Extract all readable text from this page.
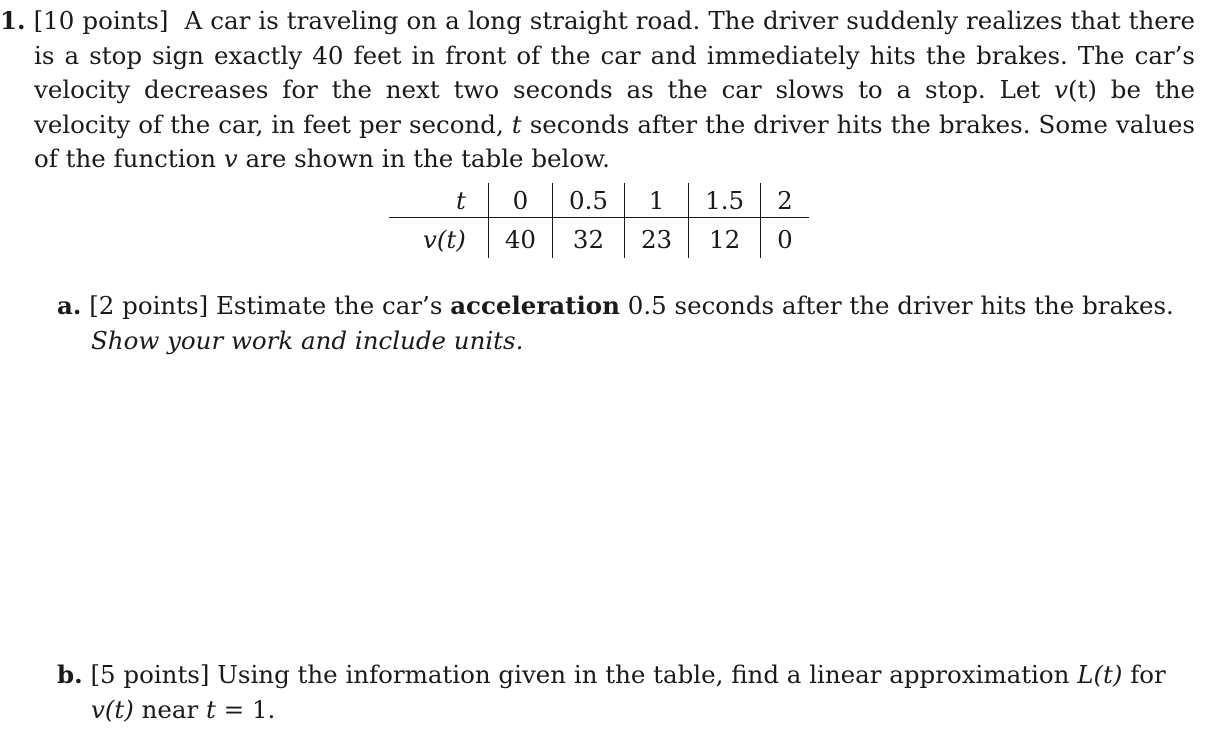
1. [10 points] A car is traveling on a long straight road. The driver suddenly realizes that there is a stop sign exactly 40 feet in front of the car and immediately hits the brakes. The car’s velocity decreases for the next two seconds as the car slows to a stop. Let v(t) be the velocity of the car, in feet per second, t seconds after the driver hits the brakes. Some values of the function v are shown in the table below.

t	0	0.5	1	1.5	2
v(t)	40	32	23	12	0

a. [2 points] Estimate the car’s acceleration 0.5 seconds after the driver hits the brakes.
Show your work and include units.

b. [5 points] Using the information given in the table, find a linear approximation L(t) for
v(t) near t = 1.
